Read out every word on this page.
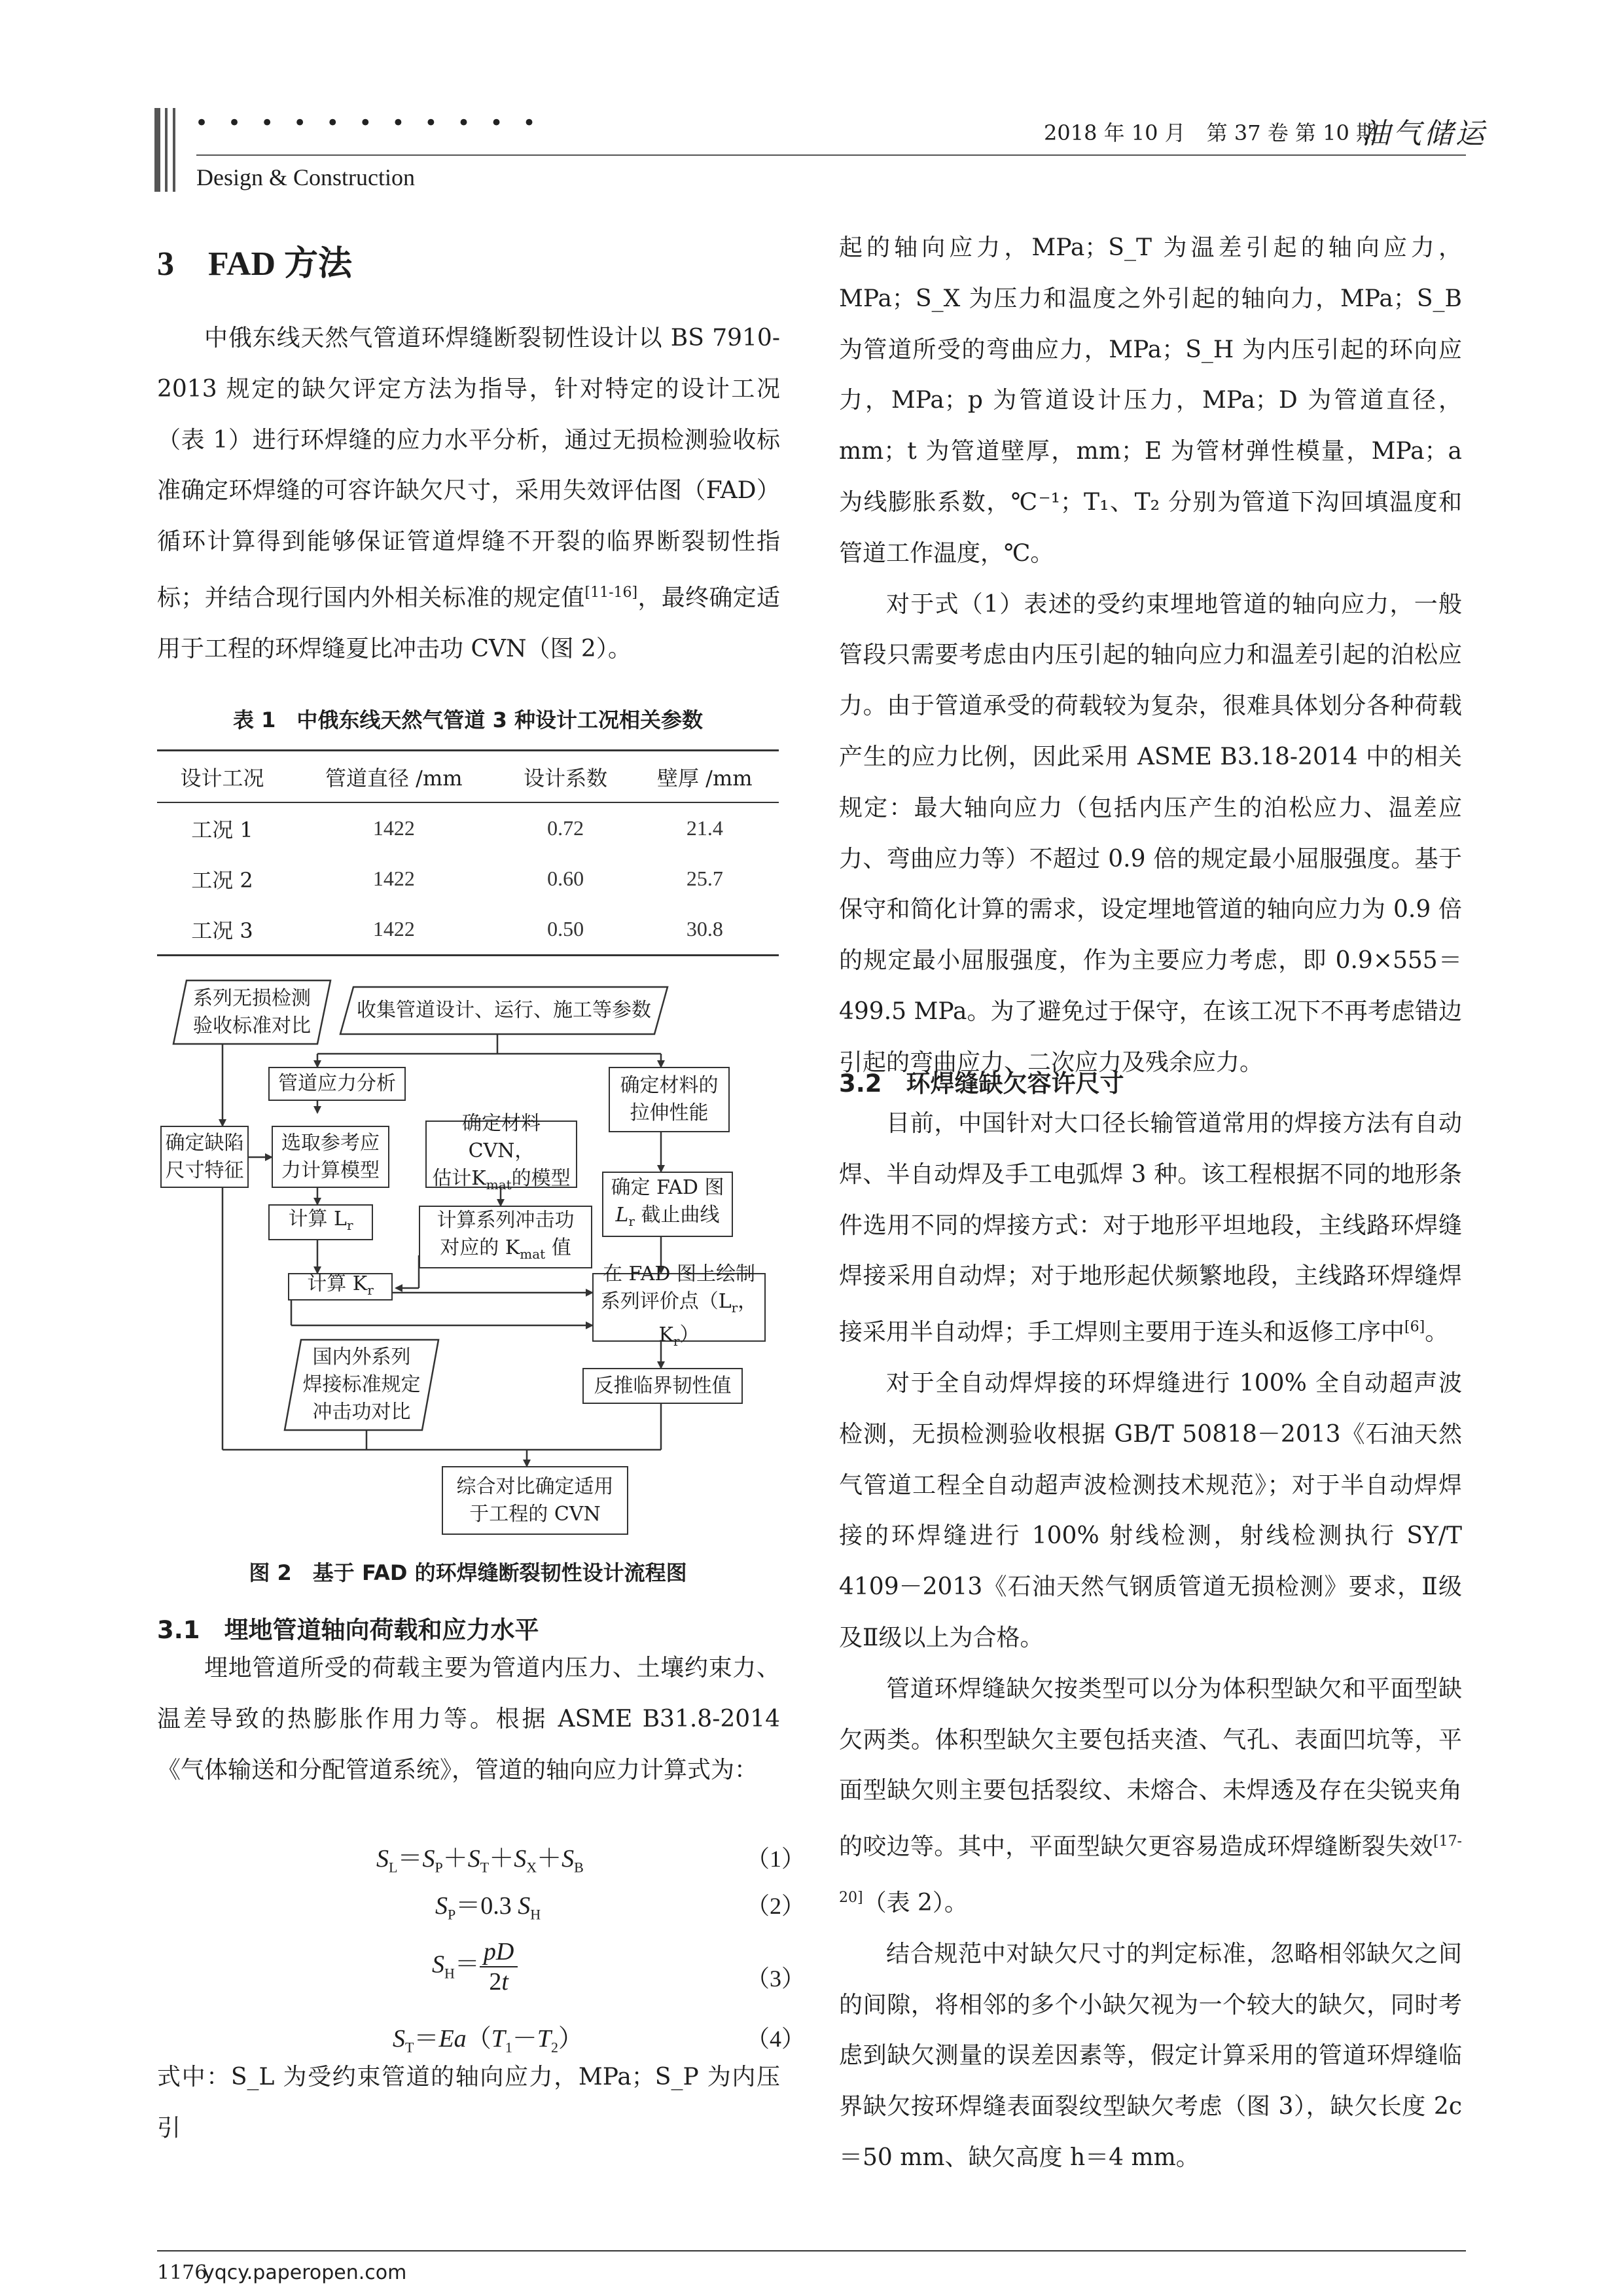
•••••••••••	2018 年 10 月　第 37 卷 第 10 期
油气储运
Design & Construction
3　FAD 方法

中俄东线天然气管道环焊缝断裂韧性设计以 BS 7910-2013 规定的缺欠评定方法为指导，针对特定的设计工况（表 1）进行环焊缝的应力水平分析，通过无损检测验收标准确定环焊缝的可容许缺欠尺寸，采用失效评估图（FAD）循环计算得到能够保证管道焊缝不开裂的临界断裂韧性指标；并结合现行国内外相关标准的规定值[11-16]，最终确定适用于工程的环焊缝夏比冲击功 CVN（图 2）。

表 1　中俄东线天然气管道 3 种设计工况相关参数
设计工况	管道直径 /mm	设计系数	壁厚 /mm
工况 1	1422	0.72	21.4
工况 2	1422	0.60	25.7
工况 3	1422	0.50	30.8
系列无损检测
验收标准对比
收集管道设计、运行、施工等参数
管道应力分析	确定材料的
拉伸性能
确定缺陷
尺寸特征
选取参考应
力计算模型
确定材料 CVN，
估计$K_{mat}$的模型 确定 FAD 图
$L_r$ 截止曲线
计算 $L_r$	计算系列冲击功
对应的 $K_{mat}$ 值
计算 $K_r$
在 FAD 图上绘制
系列评价点（$L_r$，$K_r$）
国内外系列
焊接标准规定
冲击功对比
反推临界韧性值
综合对比确定适用
于工程的 CVN
图 2　基于 FAD 的环焊缝断裂韧性设计流程图
3.1　埋地管道轴向荷载和应力水平

埋地管道所受的荷载主要为管道内压力、土壤约束力、温差导致的热膨胀作用力等。根据 ASME B31.8-2014《气体输送和分配管道系统》，管道的轴向应力计算式为：

$S_L=S_P+S_T+S_X+S_B$	（1）
$S_P=0.3$ $S_H$	（2）
$S_H= \frac{pD}{2t}$	（3）
$S_T=Ea(T_1-T_2)$	（4）

式中：S_L 为受约束管道的轴向应力，MPa；S_P 为内压引

起的轴向应力，MPa；S_T 为温差引起的轴向应力，MPa；S_X 为压力和温度之外引起的轴向力，MPa；S_B 为管道所受的弯曲应力，MPa；S_H 为内压引起的环向应力，MPa；p 为管道设计压力，MPa；D 为管道直径，mm；t 为管道壁厚，mm；E 为管材弹性模量，MPa；a 为线膨胀系数，℃⁻¹；T₁、T₂ 分别为管道下沟回填温度和管道工作温度，℃。

对于式（1）表述的受约束埋地管道的轴向应力，一般管段只需要考虑由内压引起的轴向应力和温差引起的泊松应力。由于管道承受的荷载较为复杂，很难具体划分各种荷载产生的应力比例，因此采用 ASME B3.18-2014 中的相关规定：最大轴向应力（包括内压产生的泊松应力、温差应力、弯曲应力等）不超过 0.9 倍的规定最小屈服强度。基于保守和简化计算的需求，设定埋地管道的轴向应力为 0.9 倍的规定最小屈服强度，作为主要应力考虑，即 0.9×555＝499.5 MPa。为了避免过于保守，在该工况下不再考虑错边引起的弯曲应力、二次应力及残余应力。

3.2　环焊缝缺欠容许尺寸

目前，中国针对大口径长输管道常用的焊接方法有自动焊、半自动焊及手工电弧焊 3 种。该工程根据不同的地形条件选用不同的焊接方式：对于地形平坦地段，主线路环焊缝焊接采用自动焊；对于地形起伏频繁地段，主线路环焊缝焊接采用半自动焊；手工焊则主要用于连头和返修工序中[6]。

对于全自动焊焊接的环焊缝进行 100% 全自动超声波检测，无损检测验收根据 GB/T 50818－2013《石油天然气管道工程全自动超声波检测技术规范》；对于半自动焊焊接的环焊缝进行 100% 射线检测，射线检测执行 SY/T 4109－2013《石油天然气钢质管道无损检测》要求，Ⅱ级及Ⅱ级以上为合格。

管道环焊缝缺欠按类型可以分为体积型缺欠和平面型缺欠两类。体积型缺欠主要包括夹渣、气孔、表面凹坑等，平面型缺欠则主要包括裂纹、未熔合、未焊透及存在尖锐夹角的咬边等。其中，平面型缺欠更容易造成环焊缝断裂失效[17-20]（表 2）。

结合规范中对缺欠尺寸的判定标准，忽略相邻缺欠之间的间隙，将相邻的多个小缺欠视为一个较大的缺欠，同时考虑到缺欠测量的误差因素等，假定计算采用的管道环焊缝临界缺欠按环焊缝表面裂纹型缺欠考虑（图 3），缺欠长度 2c＝50 mm、缺欠高度 h＝4 mm。

1176
yqcy.paperopen.com
